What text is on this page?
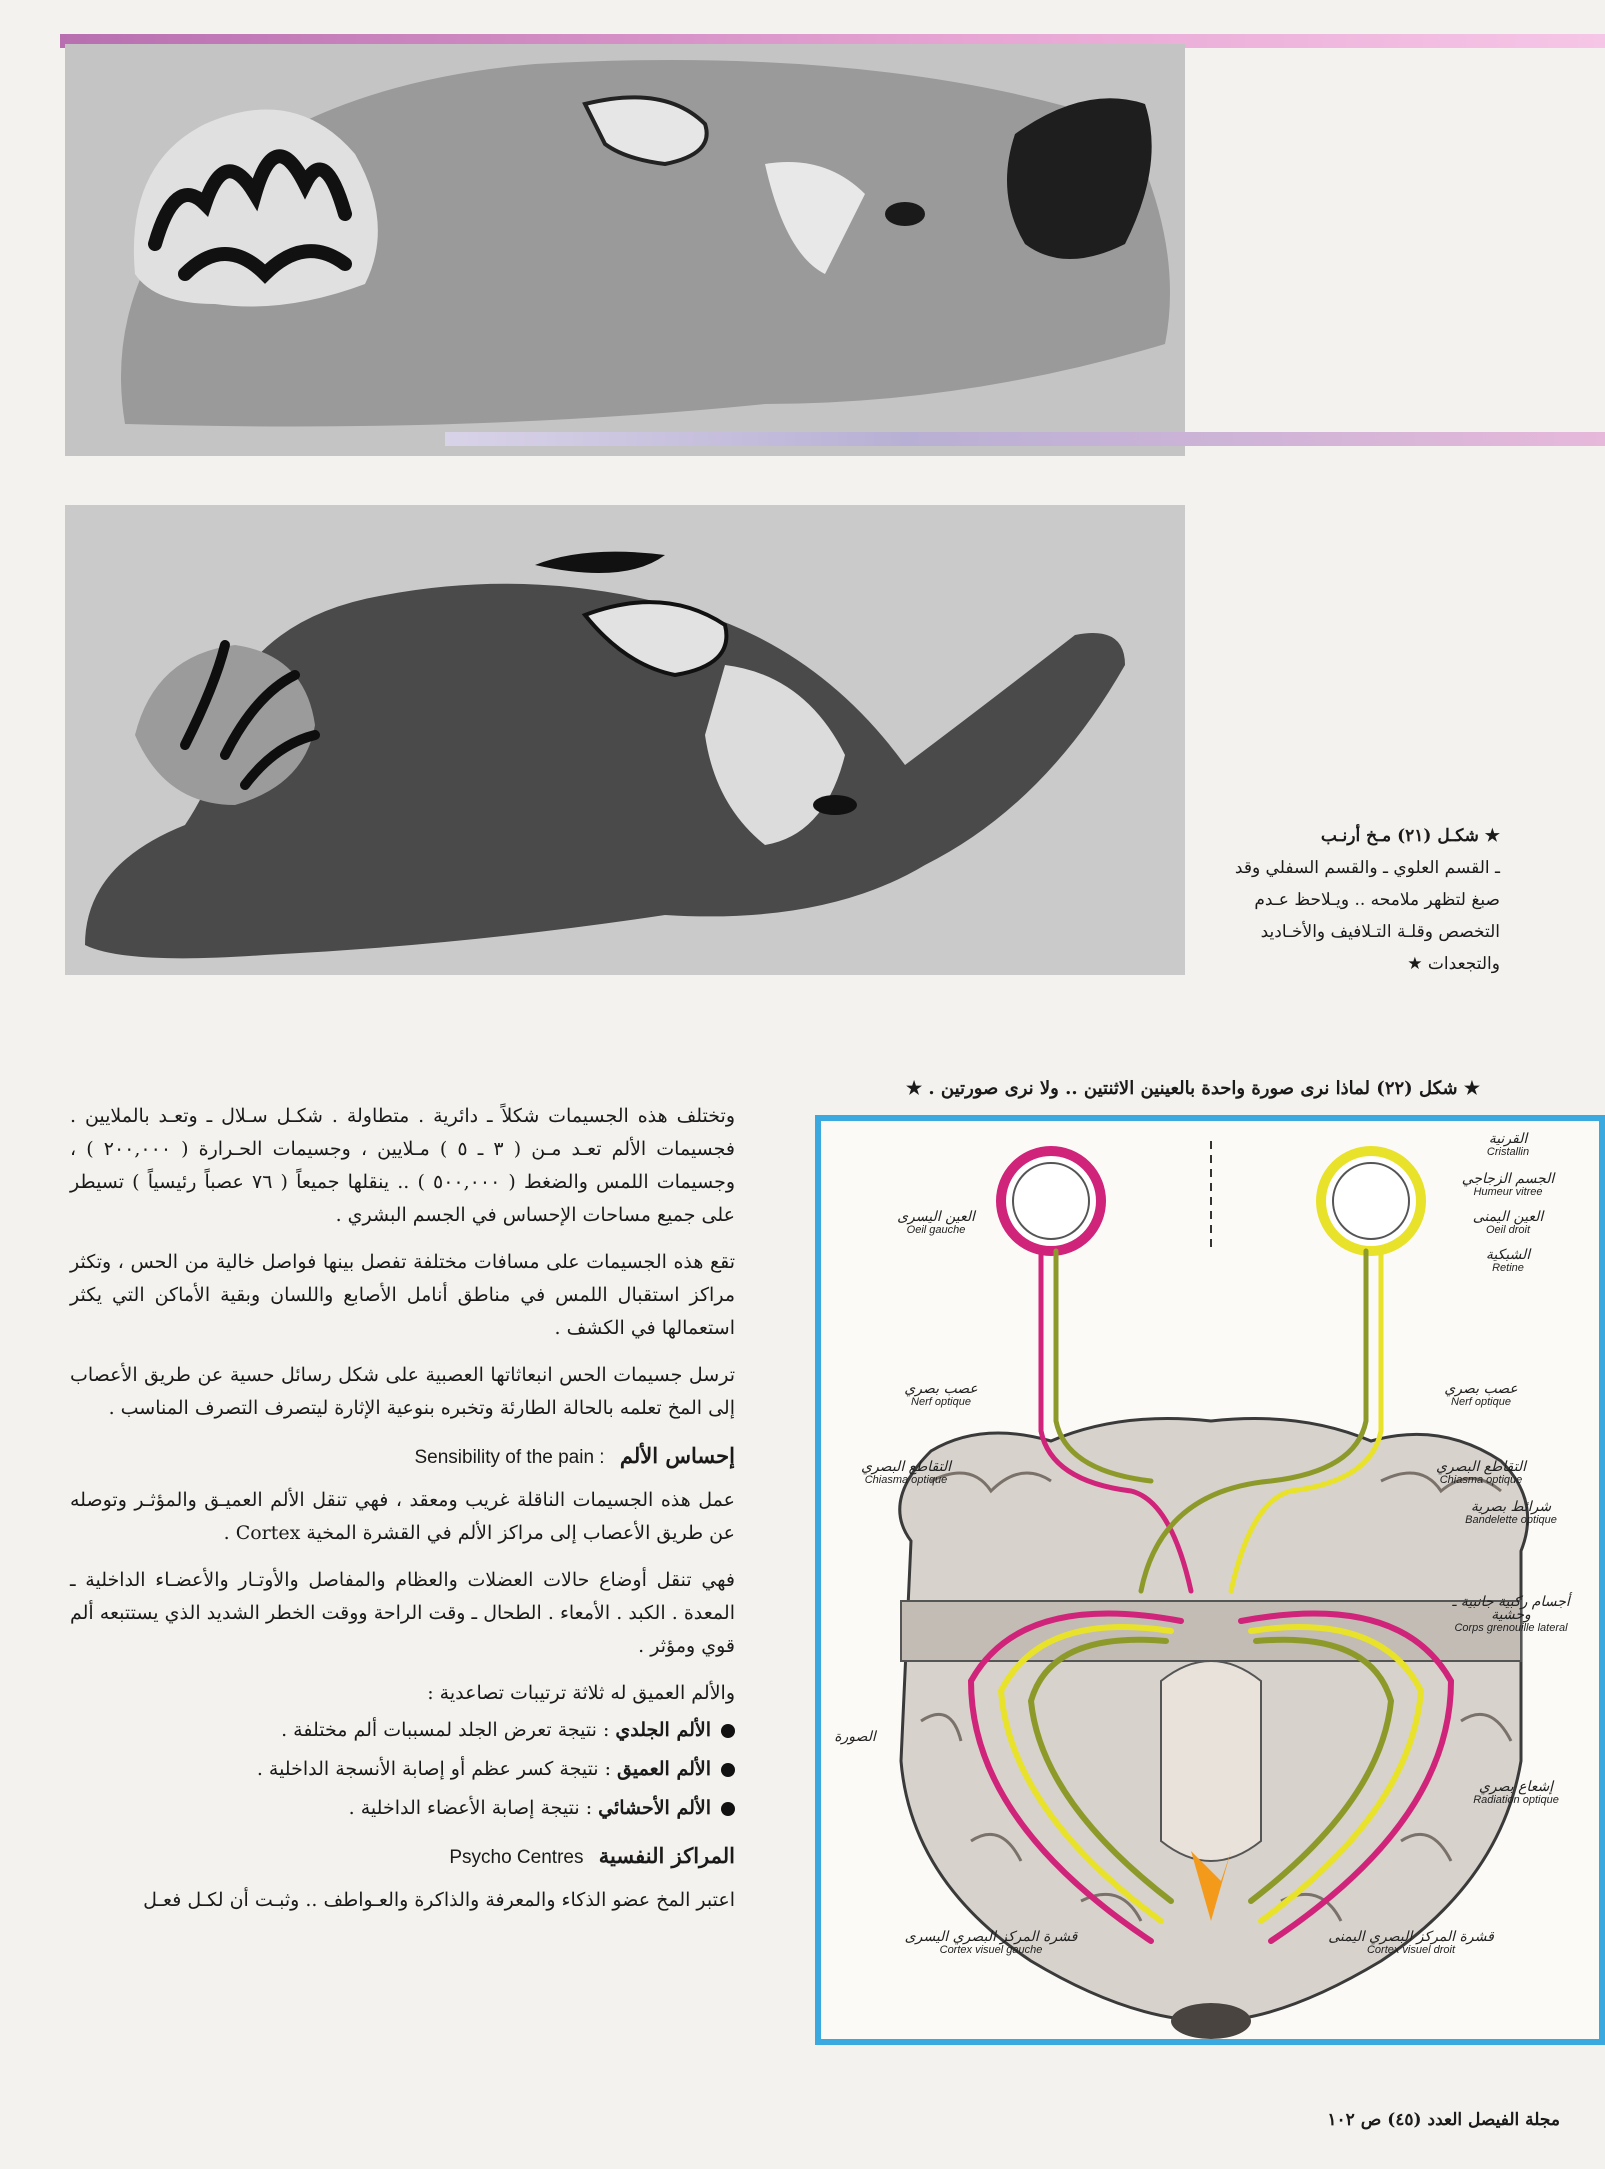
★ شكـل (٢١) مـخ أرنـب
ـ القسم العلوي ـ والقسم السفلي وقد
صبغ لتظهر ملامحه .. ويـلاحظ عـدم
التخصص وقلـة التـلافيف والأخـاديد
والتجعدات ★
★ شكل (٢٢) لماذا نرى صورة واحدة بالعينين الاثنتين .. ولا نرى صورتين . ★

وتختلف هذه الجسيمات شكلاً ـ دائرية . متطاولة . شكـل سـلال ـ وتعـد بالملايين . فجسيمات الألم تعـد مـن ( ٣ ـ ٥ ) مـلايين ، وجسيمات الحـرارة ( ٢٠٠,٠٠٠ ) ، وجسيمات اللمس والضغط ( ٥٠٠,٠٠٠ ) .. ينقلها جميعاً ( ٧٦ عصباً رئيسياً ) تسيطر على جميع مساحات الإحساس في الجسم البشري .

تقع هذه الجسيمات على مسافات مختلفة تفصل بينها فواصل خالية من الحس ، وتكثر مراكز استقبال اللمس في مناطق أنامل الأصابع واللسان وبقية الأماكن التي يكثر استعمالها في الكشف .

ترسل جسيمات الحس انبعاثاتها العصبية على شكل رسائل حسية عن طريق الأعصاب إلى المخ تعلمه بالحالة الطارئة وتخبره بنوعية الإثارة ليتصرف التصرف المناسب .

إحساس الألم : Sensibility of the pain

عمل هذه الجسيمات الناقلة غريب ومعقد ، فهي تنقل الألم العميـق والمؤثـر وتوصله عن طريق الأعصاب إلى مراكز الألم في القشرة المخية Cortex .

فهي تنقل أوضاع حالات العضلات والعظام والمفاصل والأوتـار والأعضـاء الداخلية ـ المعدة . الكبد . الأمعاء . الطحال ـ وقت الراحة ووقت الخطر الشديد الذي يستتبعه ألم قوي ومؤثر .

والألم العميق له ثلاثة ترتيبات تصاعدية :

الألم الجلدي: نتيجة تعرض الجلد لمسببات ألم مختلفة .
الألم العميق: نتيجة كسر عظم أو إصابة الأنسجة الداخلية .
الألم الأحشائي: نتيجة إصابة الأعضاء الداخلية .
المراكز النفسية Psycho Centres

اعتبر المخ عضو الذكاء والمعرفة والذاكرة والعـواطف .. وثبـت أن لكـل فعـل

القرنية
Cristallin
الجسم الزجاجي
Humeur vitree
العين اليمنى
Oeil droit
الشبكية
Retine
العين اليسرى
Oeil gauche
عصب بصري
Nerf optique
عصب بصري
Nerf optique
التقاطع البصري
Chiasma optique
التقاطع البصري
Chiasma optique
شرائط بصرية
Bandelette optique
أجسام ركبية جانبية ـ وحشية
Corps grenouille lateral
الصورة
إشعاع بصري
Radiation optique
قشرة المركز البصري اليسرى
Cortex visuel gauche
قشرة المركز البصري اليمنى
Cortex visuel droit
مجلة الفيصل العدد (٤٥) ص ١٠٢
